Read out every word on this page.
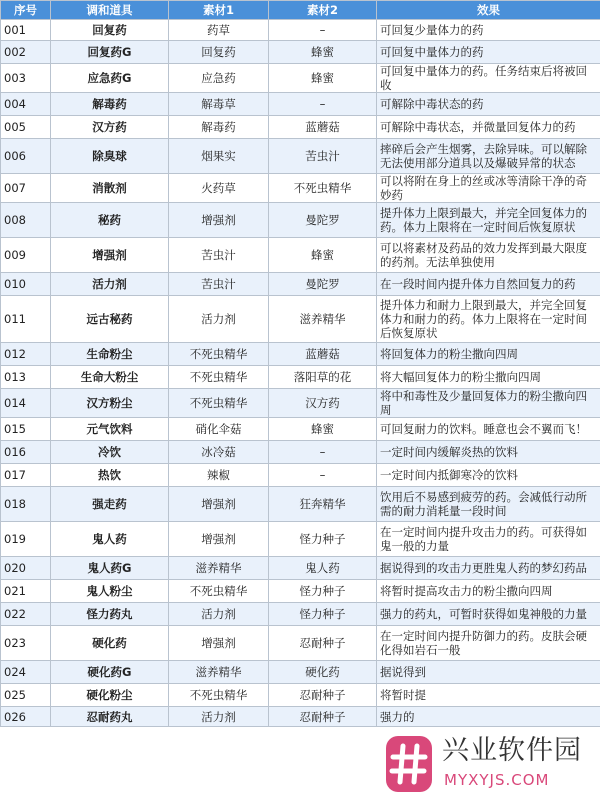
序号	调和道具	素材1	素材2	效果
001	回复药	药草	–	可回复少量体力的药
002	回复药G	回复药	蜂蜜	可回复中量体力的药
003	应急药G	应急药	蜂蜜	可回复中量体力的药。任务结束后将被回收
004	解毒药	解毒草	–	可解除中毒状态的药
005	汉方药	解毒药	蓝蘑菇	可解除中毒状态，并微量回复体力的药
006	除臭球	烟果实	苦虫汁	摔碎后会产生烟雾，去除异味。可以解除无法使用部分道具以及爆破异常的状态
007	消散剂	火药草	不死虫精华	可以将附在身上的丝或冰等清除干净的奇妙药
008	秘药	增强剂	曼陀罗	提升体力上限到最大，并完全回复体力的药。体力上限将在一定时间后恢复原状
009	增强剂	苦虫汁	蜂蜜	可以将素材及药品的效力发挥到最大限度的药剂。无法单独使用
010	活力剂	苦虫汁	曼陀罗	在一段时间内提升体力自然回复力的药
011	远古秘药	活力剂	滋养精华	提升体力和耐力上限到最大，并完全回复体力和耐力的药。体力上限将在一定时间后恢复原状
012	生命粉尘	不死虫精华	蓝蘑菇	将回复体力的粉尘撒向四周
013	生命大粉尘	不死虫精华	落阳草的花	将大幅回复体力的粉尘撒向四周
014	汉方粉尘	不死虫精华	汉方药	将中和毒性及少量回复体力的粉尘撒向四周
015	元气饮料	硝化伞菇	蜂蜜	可回复耐力的饮料。睡意也会不翼而飞！
016	冷饮	冰冷菇	–	一定时间内缓解炎热的饮料
017	热饮	辣椒	–	一定时间内抵御寒冷的饮料
018	强走药	增强剂	狂奔精华	饮用后不易感到疲劳的药。会减低行动所需的耐力消耗量一段时间
019	鬼人药	增强剂	怪力种子	在一定时间内提升攻击力的药。可获得如鬼一般的力量
020	鬼人药G	滋养精华	鬼人药	据说得到的攻击力更胜鬼人药的梦幻药品
021	鬼人粉尘	不死虫精华	怪力种子	将暂时提高攻击力的粉尘撒向四周
022	怪力药丸	活力剂	怪力种子	强力的药丸，可暂时获得如鬼神般的力量
023	硬化药	增强剂	忍耐种子	在一定时间内提升防御力的药。皮肤会硬化得如岩石一般
024	硬化药G	滋养精华	硬化药	据说得到
025	硬化粉尘	不死虫精华	忍耐种子	将暂时提
026	忍耐药丸	活力剂	忍耐种子	强力的
兴业软件园
MYXYJS.COM
